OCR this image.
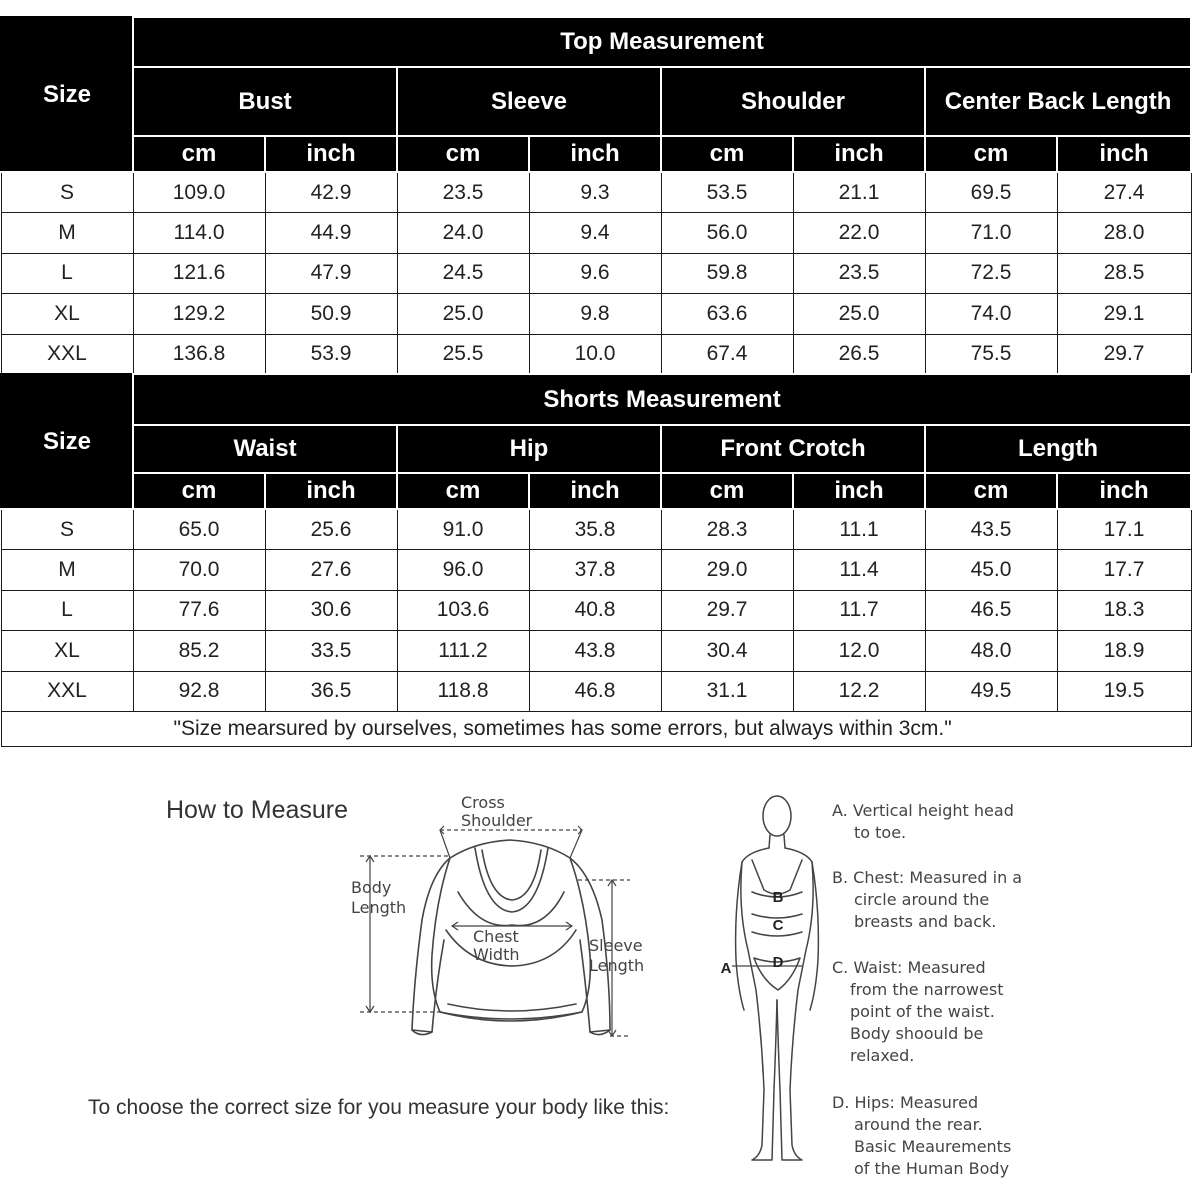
Size	Top Measurement							
	Bust		Sleeve		Shoulder		Center Back Length	
	cm	inch	cm	inch	cm	inch	cm	inch
S	109.0	42.9	23.5	9.3	53.5	21.1	69.5	27.4
M	114.0	44.9	24.0	9.4	56.0	22.0	71.0	28.0
L	121.6	47.9	24.5	9.6	59.8	23.5	72.5	28.5
XL	129.2	50.9	25.0	9.8	63.6	25.0	74.0	29.1
XXL	136.8	53.9	25.5	10.0	67.4	26.5	75.5	29.7
Size	Shorts Measurement							
	Waist		Hip		Front Crotch		Length	
	cm	inch	cm	inch	cm	inch	cm	inch
S	65.0	25.6	91.0	35.8	28.3	11.1	43.5	17.1
M	70.0	27.6	96.0	37.8	29.0	11.4	45.0	17.7
L	77.6	30.6	103.6	40.8	29.7	11.7	46.5	18.3
XL	85.2	33.5	111.2	43.8	30.4	12.0	48.0	18.9
XXL	92.8	36.5	118.8	46.8	31.1	12.2	49.5	19.5
"Size mearsured by ourselves, sometimes has some errors, but always within 3cm."								
How to Measure	Cross
Shoulder
Body
Length
Chest
Width	Sleeve
Length
To choose the correct size for you measure your body like this:
B
C
D
A
A. Vertical height head
to toe.
B. Chest: Measured in a
circle around the
breasts and back.
C. Waist: Measured
from the narrowest
point of the waist.
Body shoould be
relaxed.
D. Hips: Measured
around the rear.
Basic Meaurements
of the Human Body
